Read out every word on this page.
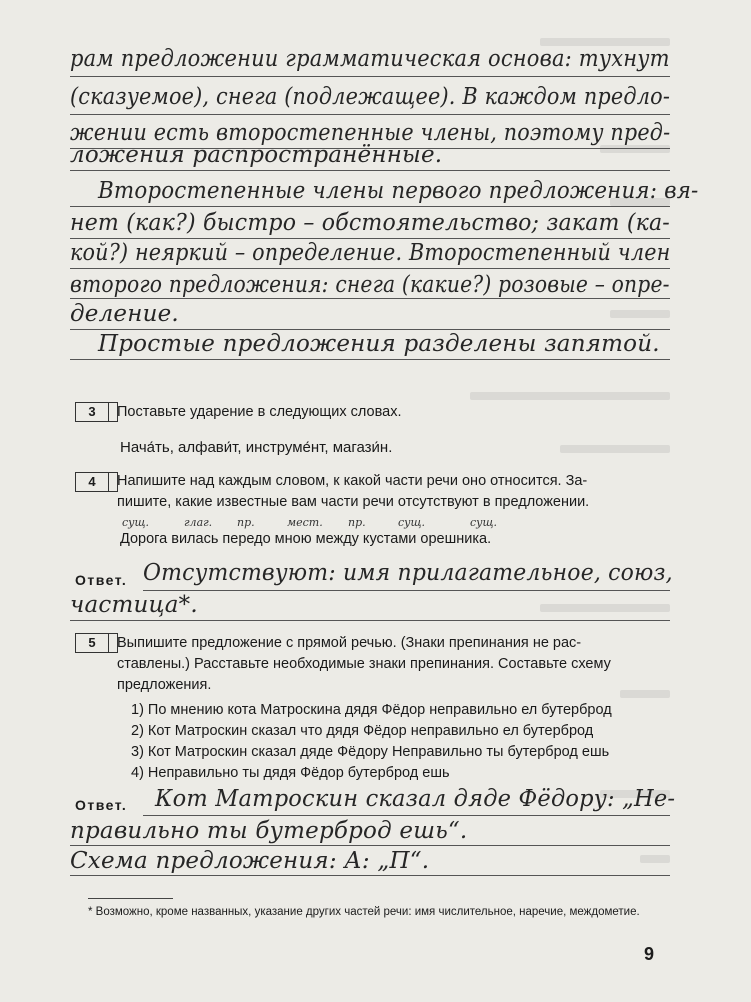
рам предложении грамматическая основа: тухнут
(сказуемое), снега (подлежащее). В каждом предло-
жении есть второстепенные члены, поэтому пред-
ложения распространённые.
Второстепенные члены первого предложения: вя-
нет (как?) быстро – обстоятельство; закат (ка-
кой?) неяркий – определение. Второстепенный член
второго предложения: снега (какие?) розовые – опре-
деление.
Простые предложения разделены запятой.
3	Поставьте ударение в следующих словах.
Нача́ть, алфави́т, инструме́нт, магази́н.
4	Напишите над каждым словом, к какой части речи оно относится. За-
пишите, какие известные вам части речи отсутствуют в предложении.
сущ.	глаг. пр.	мест. пр.	сущ.	сущ.
Дорога вилась передо мною между кустами орешника.
Ответ. Отсутствуют: имя прилагательное, союз,
частица*.
5	Выпишите предложение с прямой речью. (Знаки препинания не рас-
ставлены.) Расставьте необходимые знаки препинания. Составьте схему
предложения.
1) По мнению кота Матроскина дядя Фёдор неправильно ел бутерброд
2) Кот Матроскин сказал что дядя Фёдор неправильно ел бутерброд
3) Кот Матроскин сказал дяде Фёдору Неправильно ты бутерброд ешь
4) Неправильно ты дядя Фёдор бутерброд ешь
Ответ. Кот Матроскин сказал дяде Фёдору: „Не-
правильно ты бутерброд ешь“.
Схема предложения: А: „П“.
* Возможно, кроме названных, указание других частей речи: имя числительное, наречие, междометие.
9
